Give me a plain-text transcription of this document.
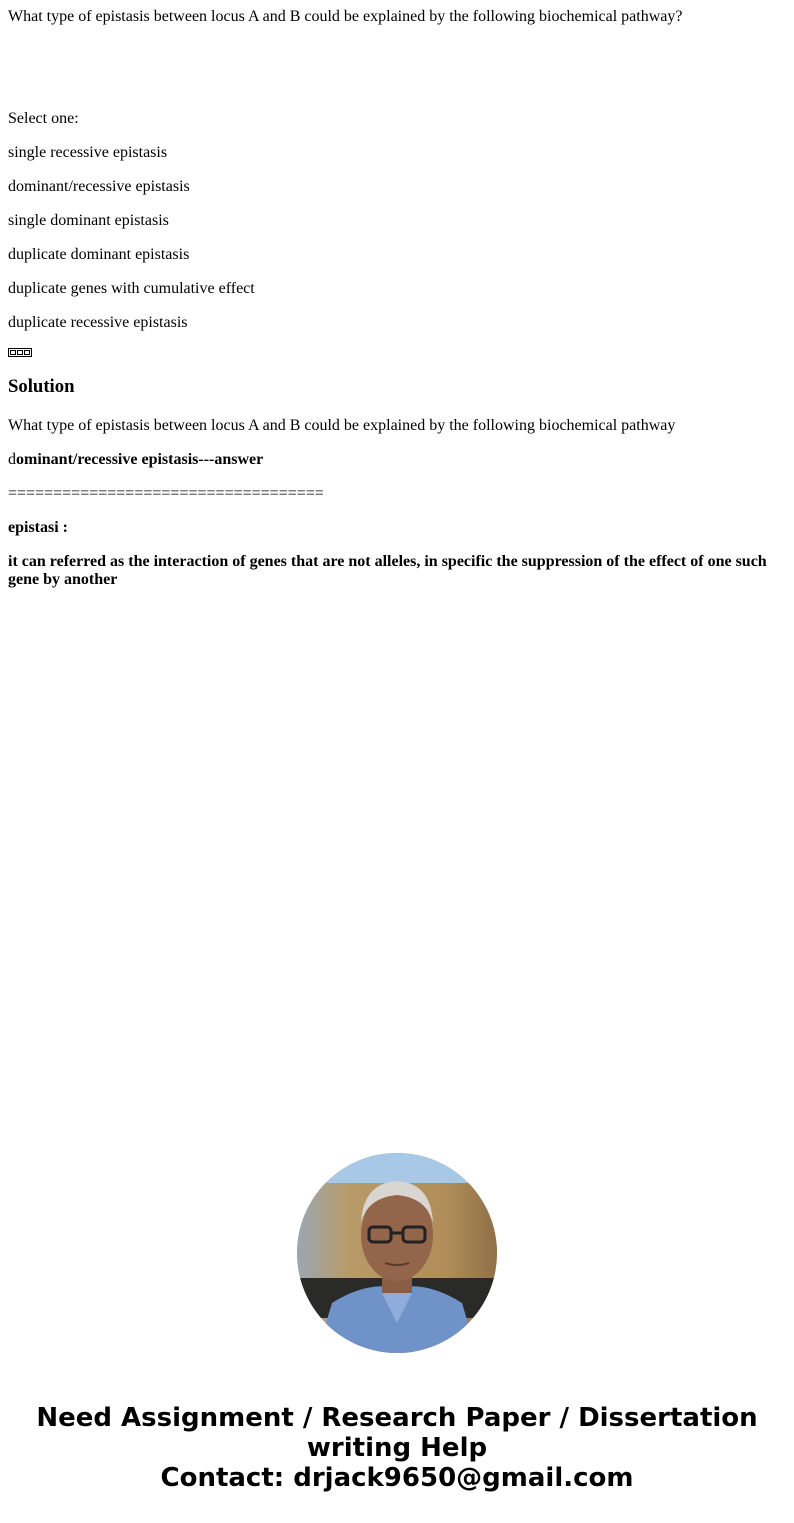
What type of epistasis between locus A and B could be explained by the following biochemical pathway?

Select one:

single recessive epistasis
dominant/recessive epistasis
single dominant epistasis
duplicate dominant epistasis
duplicate genes with cumulative effect
duplicate recessive epistasis
Solution

What type of epistasis between locus A and B could be explained by the following biochemical pathway

dominant/recessive epistasis---answer

===================================

epistasi :

it can referred as the interaction of genes that are not alleles, in specific the suppression of the effect of one such gene by another

Need Assignment / Research Paper / Dissertation
writing Help
Contact: drjack9650@gmail.com
